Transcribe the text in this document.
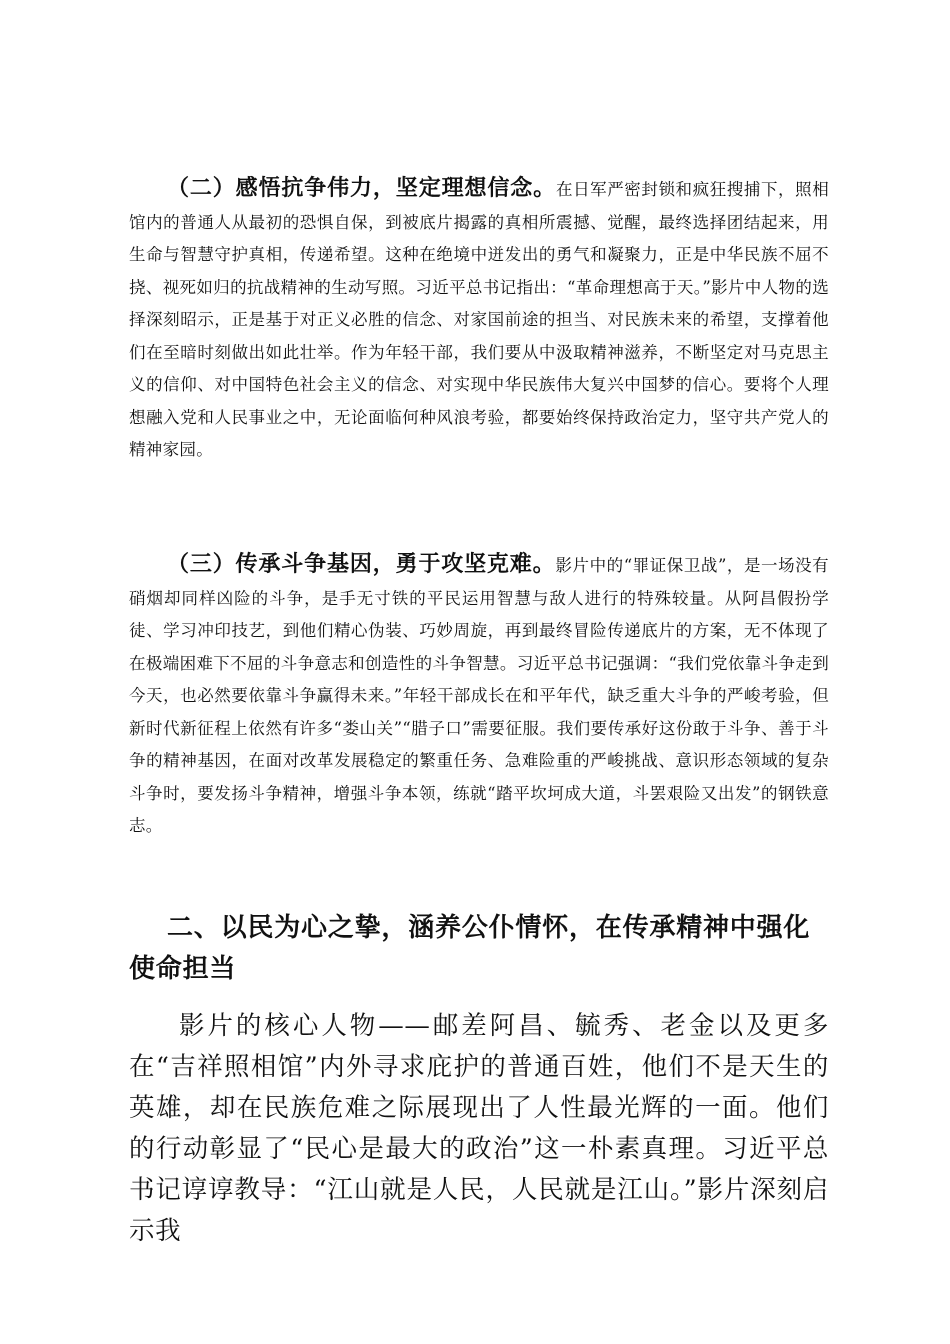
（二）感悟抗争伟力，坚定理想信念。在日军严密封锁和疯狂搜捕下，照相馆内的普通人从最初的恐惧自保，到被底片揭露的真相所震撼、觉醒，最终选择团结起来，用生命与智慧守护真相，传递希望。这种在绝境中迸发出的勇气和凝聚力，正是中华民族不屈不挠、视死如归的抗战精神的生动写照。习近平总书记指出：“革命理想高于天。”影片中人物的选择深刻昭示，正是基于对正义必胜的信念、对家国前途的担当、对民族未来的希望，支撑着他们在至暗时刻做出如此壮举。作为年轻干部，我们要从中汲取精神滋养，不断坚定对马克思主义的信仰、对中国特色社会主义的信念、对实现中华民族伟大复兴中国梦的信心。要将个人理想融入党和人民事业之中，无论面临何种风浪考验，都要始终保持政治定力，坚守共产党人的精神家园。

（三）传承斗争基因，勇于攻坚克难。影片中的“罪证保卫战”，是一场没有硝烟却同样凶险的斗争，是手无寸铁的平民运用智慧与敌人进行的特殊较量。从阿昌假扮学徒、学习冲印技艺，到他们精心伪装、巧妙周旋，再到最终冒险传递底片的方案，无不体现了在极端困难下不屈的斗争意志和创造性的斗争智慧。习近平总书记强调：“我们党依靠斗争走到今天，也必然要依靠斗争赢得未来。”年轻干部成长在和平年代，缺乏重大斗争的严峻考验，但新时代新征程上依然有许多“娄山关”“腊子口”需要征服。我们要传承好这份敢于斗争、善于斗争的精神基因，在面对改革发展稳定的繁重任务、急难险重的严峻挑战、意识形态领域的复杂斗争时，要发扬斗争精神，增强斗争本领，练就“踏平坎坷成大道，斗罢艰险又出发”的钢铁意志。

二、以民为心之挚，涵养公仆情怀，在传承精神中强化使命担当

影片的核心人物——邮差阿昌、毓秀、老金以及更多在“吉祥照相馆”内外寻求庇护的普通百姓，他们不是天生的英雄，却在民族危难之际展现出了人性最光辉的一面。他们的行动彰显了“民心是最大的政治”这一朴素真理。习近平总书记谆谆教导：“江山就是人民，人民就是江山。”影片深刻启示我
